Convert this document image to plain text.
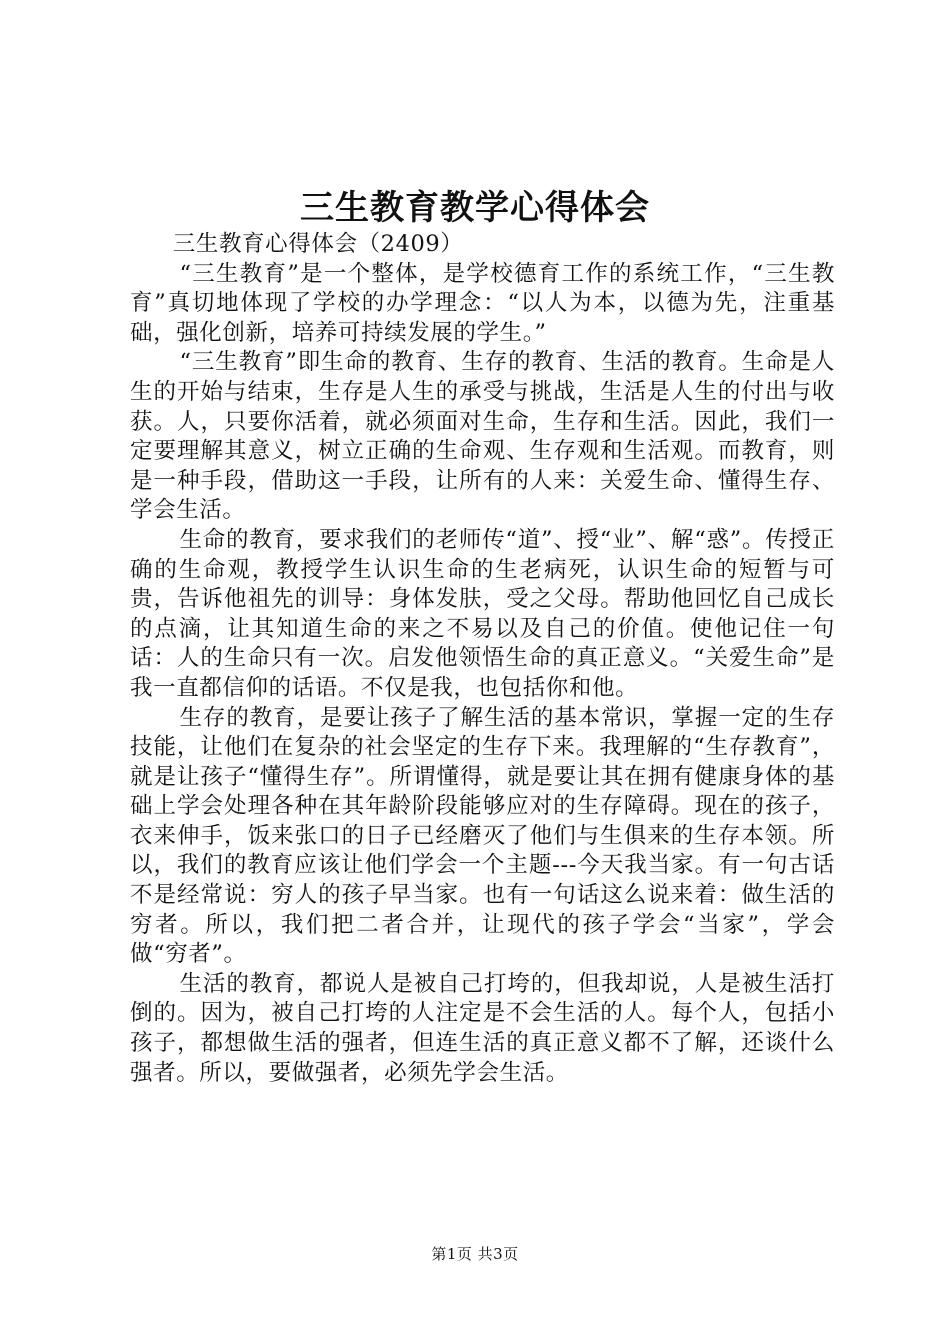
三生教育教学心得体会

三生教育心得体会（2409）

“三生教育”是一个整体，是学校德育工作的系统工作，“三生教育”真切地体现了学校的办学理念：“以人为本，以德为先，注重基础，强化创新，培养可持续发展的学生。”

“三生教育”即生命的教育、生存的教育、生活的教育。生命是人生的开始与结束，生存是人生的承受与挑战，生活是人生的付出与收获。人，只要你活着，就必须面对生命，生存和生活。因此，我们一定要理解其意义，树立正确的生命观、生存观和生活观。而教育，则是一种手段，借助这一手段，让所有的人来：关爱生命、懂得生存、学会生活。

生命的教育，要求我们的老师传“道”、授“业”、解“惑”。传授正确的生命观，教授学生认识生命的生老病死，认识生命的短暂与可贵，告诉他祖先的训导：身体发肤，受之父母。帮助他回忆自己成长的点滴，让其知道生命的来之不易以及自己的价值。使他记住一句话：人的生命只有一次。启发他领悟生命的真正意义。“关爱生命”是我一直都信仰的话语。不仅是我，也包括你和他。

生存的教育，是要让孩子了解生活的基本常识，掌握一定的生存技能，让他们在复杂的社会坚定的生存下来。我理解的“生存教育”，就是让孩子“懂得生存”。所谓懂得，就是要让其在拥有健康身体的基础上学会处理各种在其年龄阶段能够应对的生存障碍。现在的孩子，衣来伸手，饭来张口的日子已经磨灭了他们与生俱来的生存本领。所以，我们的教育应该让他们学会一个主题---今天我当家。有一句古话不是经常说：穷人的孩子早当家。也有一句话这么说来着：做生活的穷者。所以，我们把二者合并，让现代的孩子学会“当家”，学会做“穷者”。

生活的教育，都说人是被自己打垮的，但我却说，人是被生活打倒的。因为，被自己打垮的人注定是不会生活的人。每个人，包括小孩子，都想做生活的强者，但连生活的真正意义都不了解，还谈什么强者。所以，要做强者，必须先学会生活。

第1页 共3页
